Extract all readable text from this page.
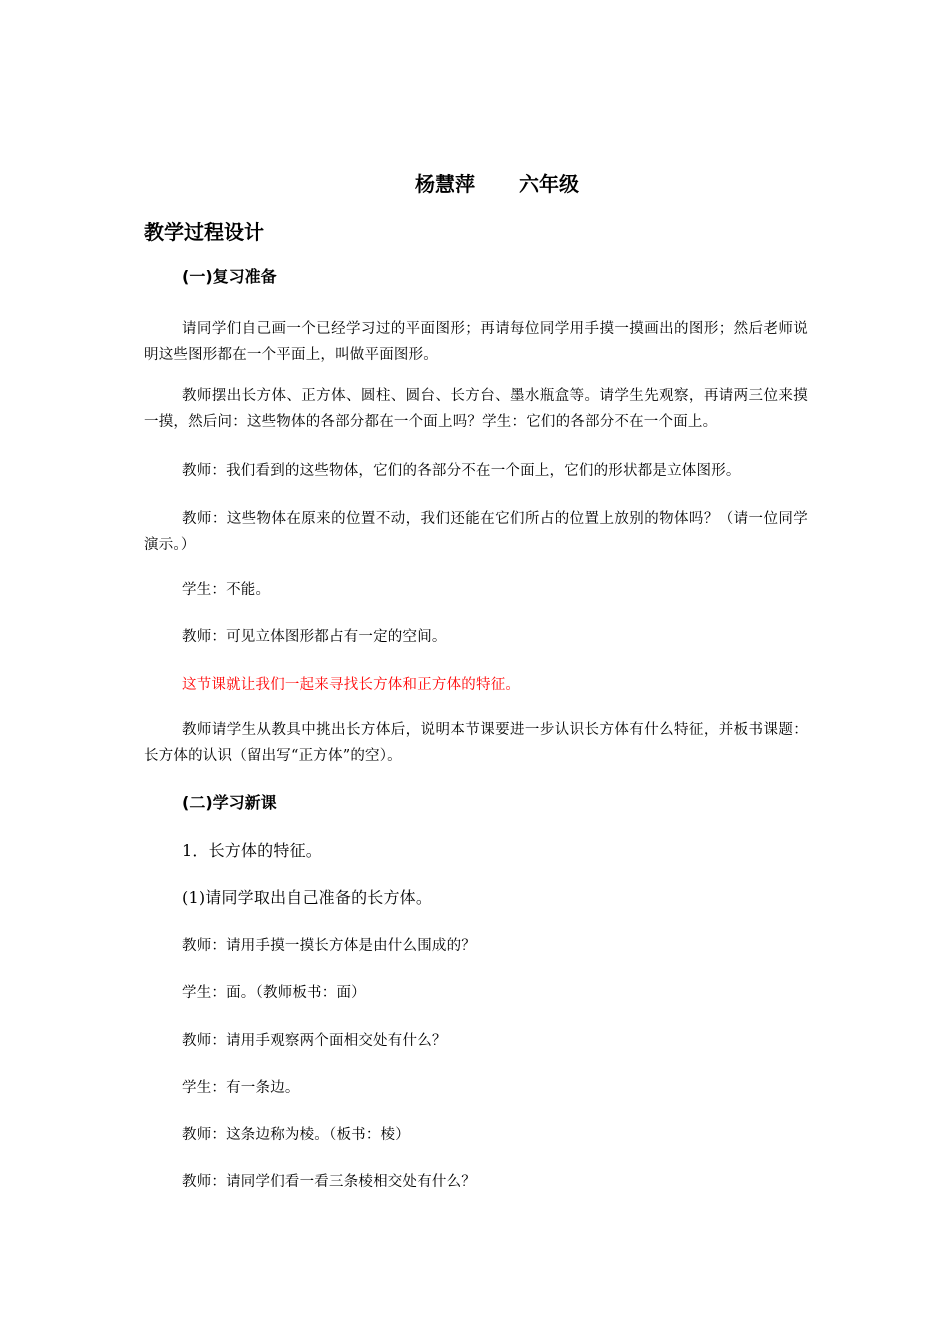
杨慧萍 六年级
教学过程设计
(一)复习准备
请同学们自己画一个已经学习过的平面图形；再请每位同学用手摸一摸画出的图形；然后老师说明这些图形都在一个平面上，叫做平面图形。
教师摆出长方体、正方体、圆柱、圆台、长方台、墨水瓶盒等。请学生先观察，再请两三位来摸一摸，然后问：这些物体的各部分都在一个面上吗？学生：它们的各部分不在一个面上。
教师：我们看到的这些物体，它们的各部分不在一个面上，它们的形状都是立体图形。
教师：这些物体在原来的位置不动，我们还能在它们所占的位置上放别的物体吗？（请一位同学演示。）
学生：不能。
教师：可见立体图形都占有一定的空间。
这节课就让我们一起来寻找长方体和正方体的特征。
教师请学生从教具中挑出长方体后，说明本节课要进一步认识长方体有什么特征，并板书课题：长方体的认识（留出写“正方体”的空）。
(二)学习新课
1．长方体的特征。
(1)请同学取出自己准备的长方体。
教师：请用手摸一摸长方体是由什么围成的？
学生：面。（教师板书：面）
教师：请用手观察两个面相交处有什么？
学生：有一条边。
教师：这条边称为棱。（板书：棱）
教师：请同学们看一看三条棱相交处有什么？
